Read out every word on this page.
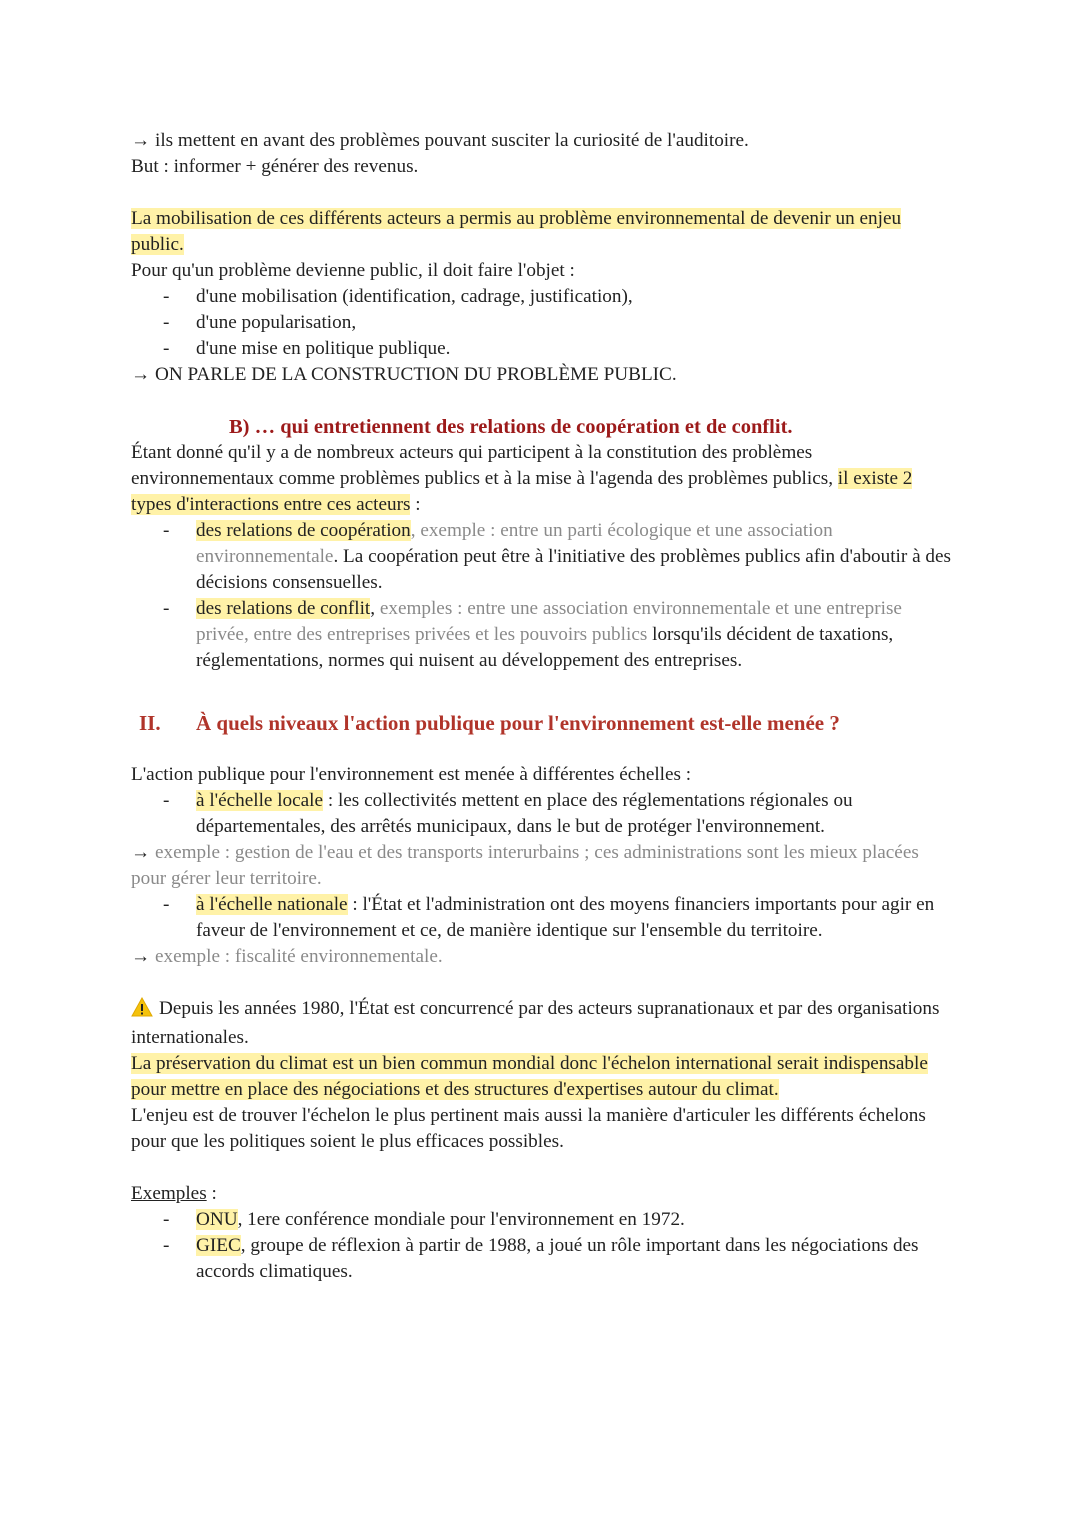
→ ils mettent en avant des problèmes pouvant susciter la curiosité de l'auditoire.

But : informer + générer des revenus.

La mobilisation de ces différents acteurs a permis au problème environnemental de devenir un enjeu public.

Pour qu'un problème devienne public, il doit faire l'objet :

- d'une mobilisation (identification, cadrage, justification),
- d'une popularisation,
- d'une mise en politique publique.

→ ON PARLE DE LA CONSTRUCTION DU PROBLÈME PUBLIC.

B) … qui entretiennent des relations de coopération et de conflit.

Étant donné qu'il y a de nombreux acteurs qui participent à la constitution des problèmes environnementaux comme problèmes publics et à la mise à l'agenda des problèmes publics, il existe 2 types d'interactions entre ces acteurs :

- des relations de coopération, exemple : entre un parti écologique et une association environnementale. La coopération peut être à l'initiative des problèmes publics afin d'aboutir à des décisions consensuelles.
- des relations de conflit, exemples : entre une association environnementale et une entreprise privée, entre des entreprises privées et les pouvoirs publics lorsqu'ils décident de taxations, réglementations, normes qui nuisent au développement des entreprises.

II. À quels niveaux l'action publique pour l'environnement est-elle menée ?

L'action publique pour l'environnement est menée à différentes échelles :

- à l'échelle locale : les collectivités mettent en place des réglementations régionales ou départementales, des arrêtés municipaux, dans le but de protéger l'environnement.

→ exemple : gestion de l'eau et des transports interurbains ; ces administrations sont les mieux placées pour gérer leur territoire.

- à l'échelle nationale : l'État et l'administration ont des moyens financiers importants pour agir en faveur de l'environnement et ce, de manière identique sur l'ensemble du territoire.

→ exemple : fiscalité environnementale.

Depuis les années 1980, l'État est concurrencé par des acteurs supranationaux et par des organisations internationales.

La préservation du climat est un bien commun mondial donc l'échelon international serait indispensable pour mettre en place des négociations et des structures d'expertises autour du climat.

L'enjeu est de trouver l'échelon le plus pertinent mais aussi la manière d'articuler les différents échelons pour que les politiques soient le plus efficaces possibles.

Exemples :

- ONU, 1ere conférence mondiale pour l'environnement en 1972.
- GIEC, groupe de réflexion à partir de 1988, a joué un rôle important dans les négociations des accords climatiques.
